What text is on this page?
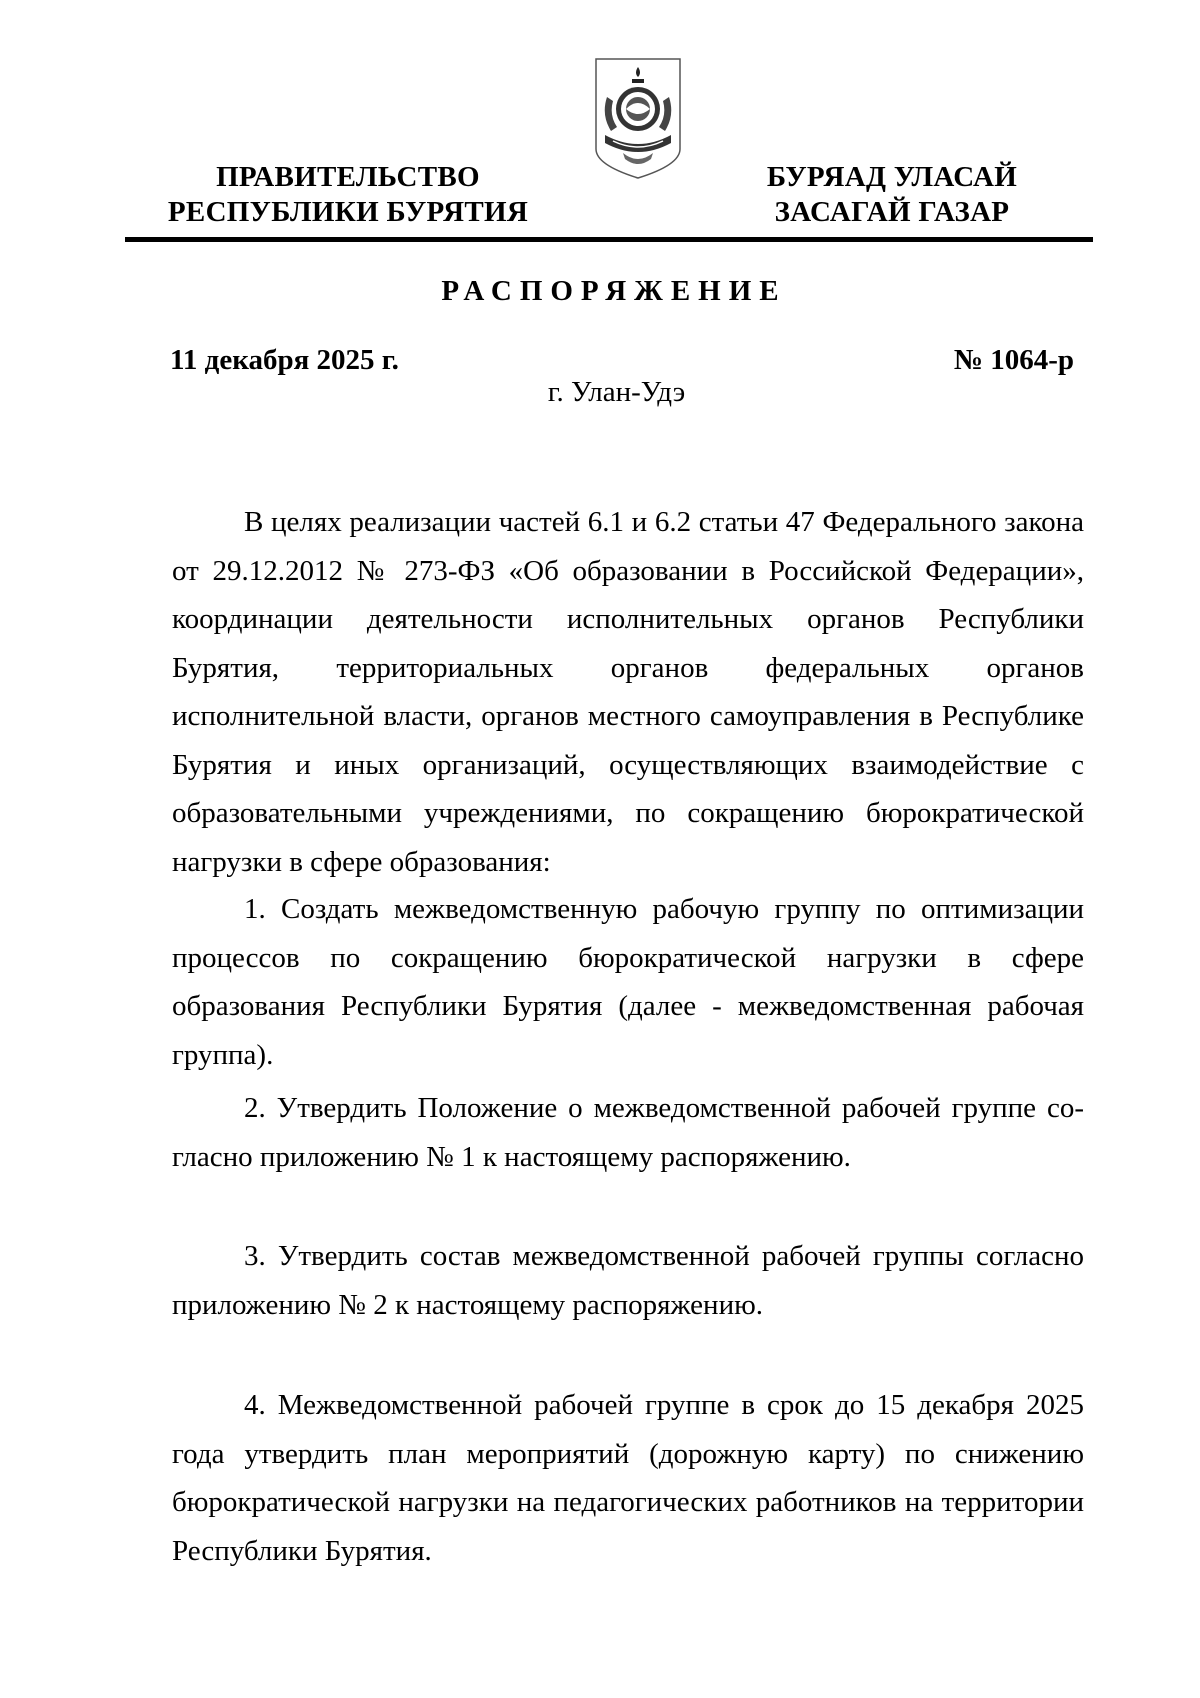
ПРАВИТЕЛЬСТВО
РЕСПУБЛИКИ БУРЯТИЯ
БУРЯАД УЛАСАЙ
ЗАСАГАЙ ГАЗАР
РАСПОРЯЖЕНИЕ
11 декабря 2025 г.	№ 1064-р
г. Улан-Удэ

В целях реализации частей 6.1 и 6.2 статьи 47 Федерального закона от 29.12.2012 № 273-ФЗ «Об образовании в Российской Федерации», координации деятельности исполнительных органов Республики Бурятия, территориальных органов федеральных органов исполнительной власти, органов местного самоуправления в Республике Бурятия и иных организаций, осуществляющих взаимодействие с образовательными учреждениями, по сокращению бюрократической нагрузки в сфере образования:

1. Создать межведомственную рабочую группу по оптимизации процессов по сокращению бюрократической нагрузки в сфере образования Республики Бурятия (далее - межведомственная рабочая группа).

2. Утвердить Положение о межведомственной рабочей группе согласно приложению № 1 к настоящему распоряжению.

3. Утвердить состав межведомственной рабочей группы согласно приложению № 2 к настоящему распоряжению.

4. Межведомственной рабочей группе в срок до 15 декабря 2025 года утвердить план мероприятий (дорожную карту) по снижению бюрократической нагрузки на педагогических работников на территории Республики Бурятия.
